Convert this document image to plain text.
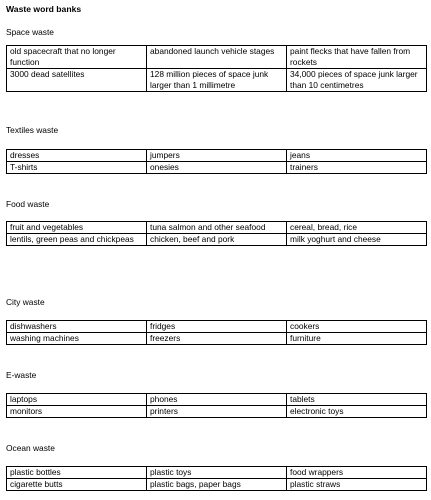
Waste word banks
Space waste
old spacecraft that no longer function	abandoned launch vehicle stages	paint flecks that have fallen from rockets
3000 dead satellites	128 million pieces of space junk larger than 1 millimetre	34,000 pieces of space junk larger than 10 centimetres
Textiles waste
dresses	jumpers	jeans
T-shirts	onesies	trainers
Food waste
fruit and vegetables	tuna salmon and other seafood	cereal, bread, rice
lentils, green peas and chickpeas	chicken, beef and pork	milk yoghurt and cheese
City waste
dishwashers	fridges	cookers
washing machines	freezers	furniture
E-waste
laptops	phones	tablets
monitors	printers	electronic toys
Ocean waste
plastic bottles	plastic toys	food wrappers
cigarette butts	plastic bags, paper bags	plastic straws
